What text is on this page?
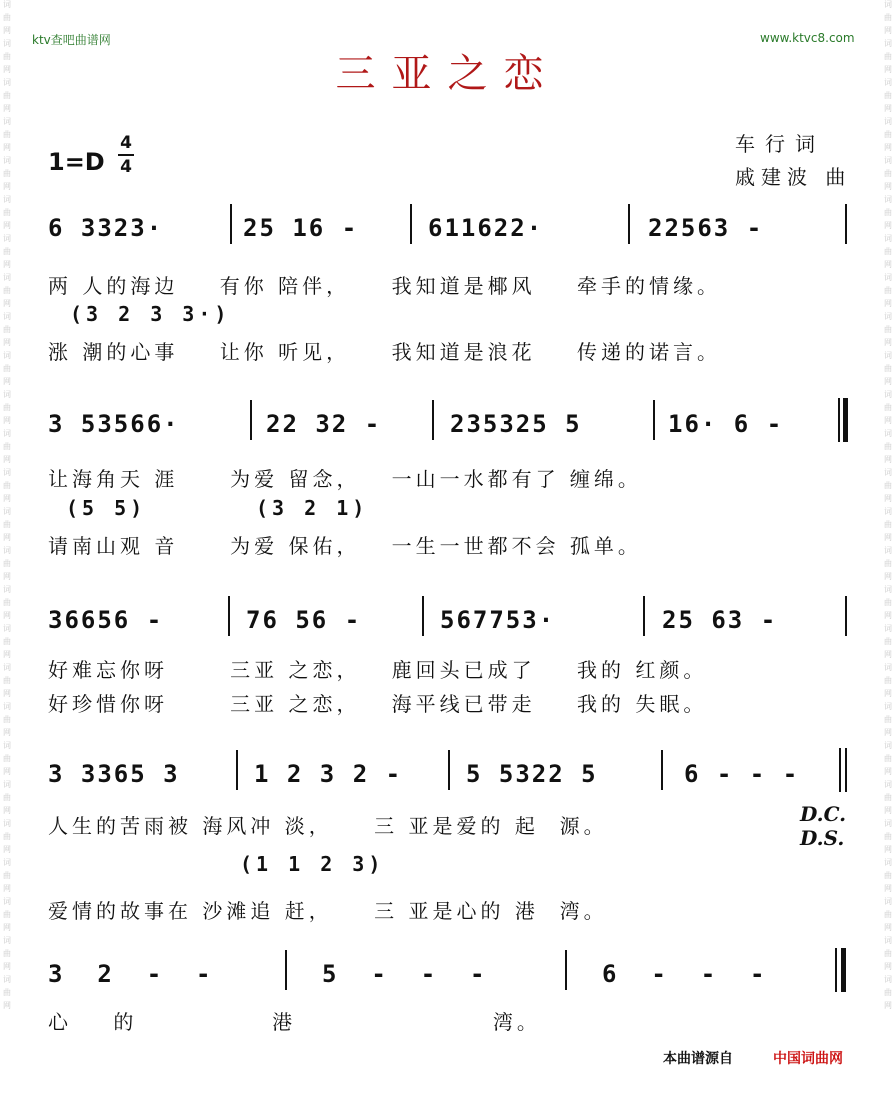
词
曲
网
词
曲
网
词
曲
网
词
曲
网
词
曲
网
词
曲
网
词
曲
网
词
曲
网
词
曲
网
词
曲
网
词
曲
网
词
曲
网
词
曲
网
词
曲
网
词
曲
网
词
曲
网
词
曲
网
词
曲
网
词
曲
网
词
曲
网
词
曲
网
词
曲
网
词
曲
网
词
曲
网
词
曲
网
词
曲
网
词
曲
网
词
曲
网
词
曲
网
词
曲
网
词
曲
网
词
曲
网
词
曲
网
词
曲
网
词
曲
网
词
曲
网
词
曲
网
词
曲
网
词
曲
网
词
曲
网
词
曲
网
词
曲
网
词
曲
网
词
曲
网
词
曲
网
词
曲
网
词
曲
网
词
曲
网
词
曲
网
词
曲
网
词
曲
网
词
曲
网
ktv查吧曲谱网	www.ktvc8.com
三亚之恋
1=D
4
4
车行词
戚建波 曲
6 3323·	25 16 -	611622·	22563 -
两 人的海边    有你 陪伴，    我知道是椰风    牵手的情缘。
(3 2 3 3·)
涨 潮的心事    让你 听见，    我知道是浪花    传递的诺言。
3 53566·	22 32 -	235325 5	16· 6 -
让海角天 涯     为爱 留念，   一山一水都有了 缠绵。
(5 5)	(3 2 1)
请南山观 音     为爱 保佑，   一生一世都不会 孤单。
36656 -	76 56 -	567753·	25 63 -
好难忘你呀      三亚 之恋，   鹿回头已成了    我的 红颜。
好珍惜你呀      三亚 之恋，   海平线已带走    我的 失眠。
3 3365 3	1 2 3 2 -	5 5322 5	6 - - -
人生的苦雨被 海风冲 淡，    三 亚是爱的 起  源。	D.C.
D.S.
(1 1 2 3)
爱情的故事在 沙滩追 赶，    三 亚是心的 港  湾。
3  2  -  -	5  -  -  -	6  -  -  -
心    的             港                   湾。
本曲谱源自	中国词曲网
